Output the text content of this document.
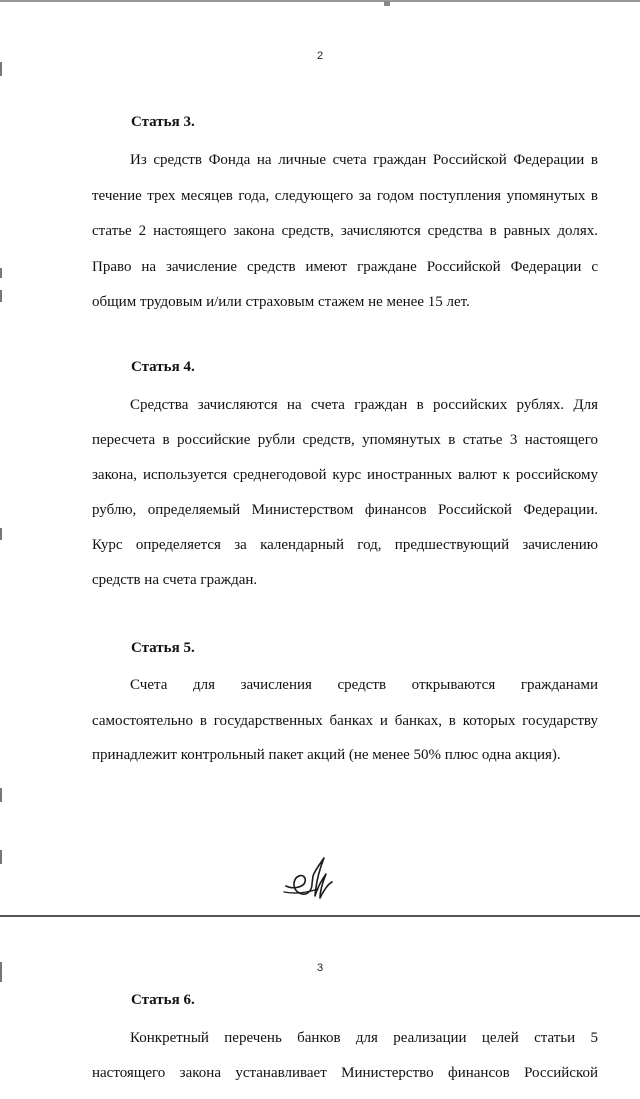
2
Статья 3.
Из средств Фонда на личные счета граждан Российской Федерации в
течение трех месяцев года, следующего за годом поступления упомянутых в
статье 2 настоящего закона средств, зачисляются средства в равных долях.
Право на зачисление средств имеют граждане Российской Федерации с
общим трудовым и/или страховым стажем не менее 15 лет.
Статья 4.
Средства зачисляются на счета граждан в российских рублях. Для
пересчета в российские рубли средств, упомянутых в статье 3 настоящего
закона, используется среднегодовой курс иностранных валют к российскому
рублю, определяемый Министерством финансов Российской Федерации.
Курс определяется за календарный год, предшествующий зачислению
средств на счета граждан.
Статья 5.
Счета для зачисления средств открываются гражданами
самостоятельно в государственных банках и банках, в которых государству
принадлежит контрольный пакет акций (не менее 50% плюс одна акция).
3
Статья 6.
Конкретный перечень банков для реализации целей статьи 5
настоящего закона устанавливает Министерство финансов Российской
